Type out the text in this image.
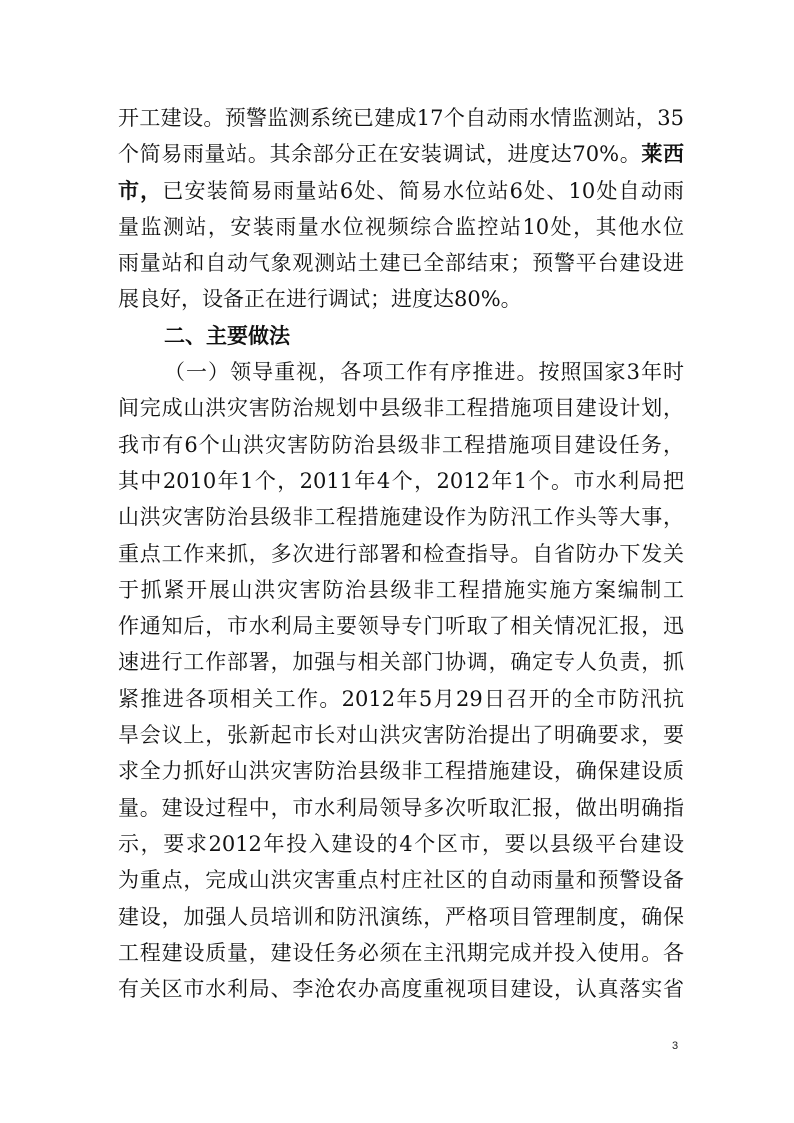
开工建设。预警监测系统已建成17个自动雨水情监测站，35
个简易雨量站。其余部分正在安装调试，进度达70%。莱西
市，已安装简易雨量站6处、简易水位站6处、10处自动雨
量监测站，安装雨量水位视频综合监控站10处，其他水位
雨量站和自动气象观测站土建已全部结束；预警平台建设进
展良好，设备正在进行调试；进度达80%。
二、主要做法
（一）领导重视，各项工作有序推进。按照国家3年时
间完成山洪灾害防治规划中县级非工程措施项目建设计划，
我市有6个山洪灾害防防治县级非工程措施项目建设任务，
其中2010年1个，2011年4个，2012年1个。市水利局把
山洪灾害防治县级非工程措施建设作为防汛工作头等大事，
重点工作来抓，多次进行部署和检查指导。自省防办下发关
于抓紧开展山洪灾害防治县级非工程措施实施方案编制工
作通知后，市水利局主要领导专门听取了相关情况汇报，迅
速进行工作部署，加强与相关部门协调，确定专人负责，抓
紧推进各项相关工作。2012年5月29日召开的全市防汛抗
旱会议上，张新起市长对山洪灾害防治提出了明确要求，要
求全力抓好山洪灾害防治县级非工程措施建设，确保建设质
量。建设过程中，市水利局领导多次听取汇报，做出明确指
示，要求2012年投入建设的4个区市，要以县级平台建设
为重点，完成山洪灾害重点村庄社区的自动雨量和预警设备
建设，加强人员培训和防汛演练，严格项目管理制度，确保
工程建设质量，建设任务必须在主汛期完成并投入使用。各
有关区市水利局、李沧农办高度重视项目建设，认真落实省
3
